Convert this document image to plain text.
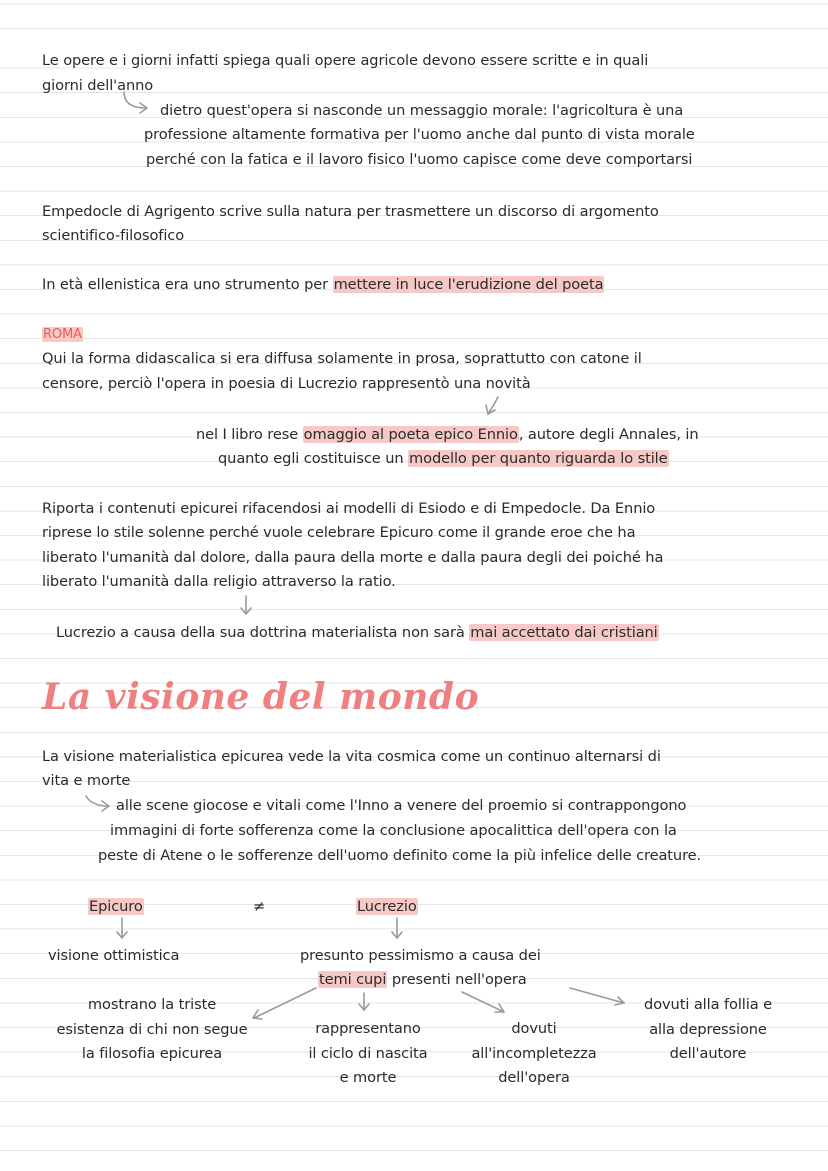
Le opere e i giorni infatti spiega quali opere agricole devono essere scritte e in quali
giorni dell'anno
dietro quest'opera si nasconde un messaggio morale: l'agricoltura è una
professione altamente formativa per l'uomo anche dal punto di vista morale
perché con la fatica e il lavoro fisico l'uomo capisce come deve comportarsi
Empedocle di Agrigento scrive sulla natura per trasmettere un discorso di argomento
scientifico-filosofico
In età ellenistica era uno strumento per mettere in luce l'erudizione del poeta
ROMA
Qui la forma didascalica si era diffusa solamente in prosa, soprattutto con catone il
censore, perciò l'opera in poesia di Lucrezio rappresentò una novità
nel I libro rese omaggio al poeta epico Ennio, autore degli Annales, in
quanto egli costituisce un modello per quanto riguarda lo stile
Riporta i contenuti epicurei rifacendosi ai modelli di Esiodo e di Empedocle. Da Ennio
riprese lo stile solenne perché vuole celebrare Epicuro come il grande eroe che ha
liberato l'umanità dal dolore, dalla paura della morte e dalla paura degli dei poiché ha
liberato l'umanità dalla religio attraverso la ratio.
Lucrezio a causa della sua dottrina materialista non sarà mai accettato dai cristiani
La visione del mondo
La visione materialistica epicurea vede la vita cosmica come un continuo alternarsi di
vita e morte
alle scene giocose e vitali come l'Inno a venere del proemio si contrappongono
immagini di forte sofferenza come la conclusione apocalittica dell'opera con la
peste di Atene o le sofferenze dell'uomo definito come la più infelice delle creature.
Epicuro	≠	Lucrezio
visione ottimistica	presunto pessimismo a causa dei
temi cupi presenti nell'opera
mostrano la triste
esistenza di chi non segue
la filosofia epicurea
rappresentano
il ciclo di nascita
e morte
dovuti
all'incompletezza
dell'opera
dovuti alla follia e
alla depressione
dell'autore
